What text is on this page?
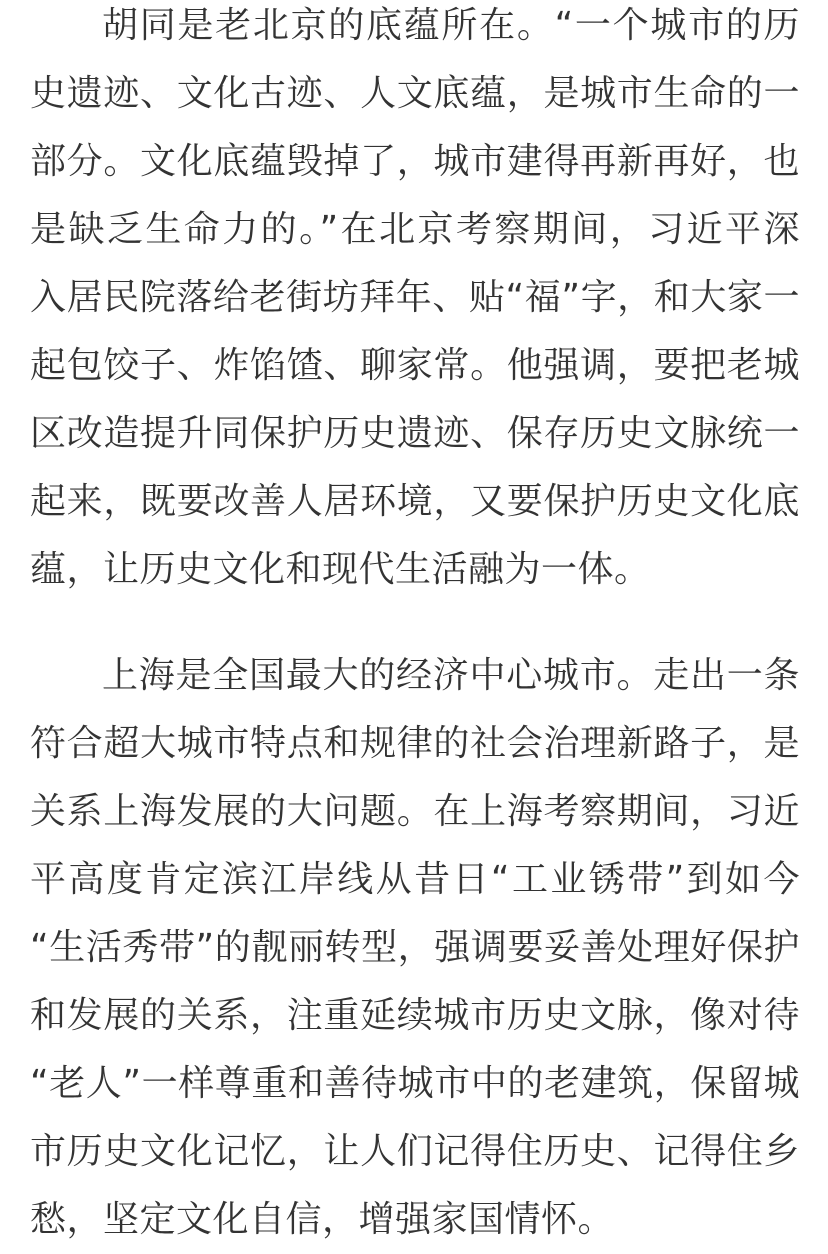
胡同是老北京的底蕴所在。“一个城市的历
史遗迹、文化古迹、人文底蕴，是城市生命的一
部分。文化底蕴毁掉了，城市建得再新再好，也
是缺乏生命力的。”在北京考察期间，习近平深
入居民院落给老街坊拜年、贴“福”字，和大家一
起包饺子、炸馅馇、聊家常。他强调，要把老城
区改造提升同保护历史遗迹、保存历史文脉统一
起来，既要改善人居环境，又要保护历史文化底
蕴，让历史文化和现代生活融为一体。
上海是全国最大的经济中心城市。走出一条
符合超大城市特点和规律的社会治理新路子，是
关系上海发展的大问题。在上海考察期间，习近
平高度肯定滨江岸线从昔日“工业锈带”到如今
“生活秀带”的靓丽转型，强调要妥善处理好保护
和发展的关系，注重延续城市历史文脉，像对待
“老人”一样尊重和善待城市中的老建筑，保留城
市历史文化记忆，让人们记得住历史、记得住乡
愁，坚定文化自信，增强家国情怀。
